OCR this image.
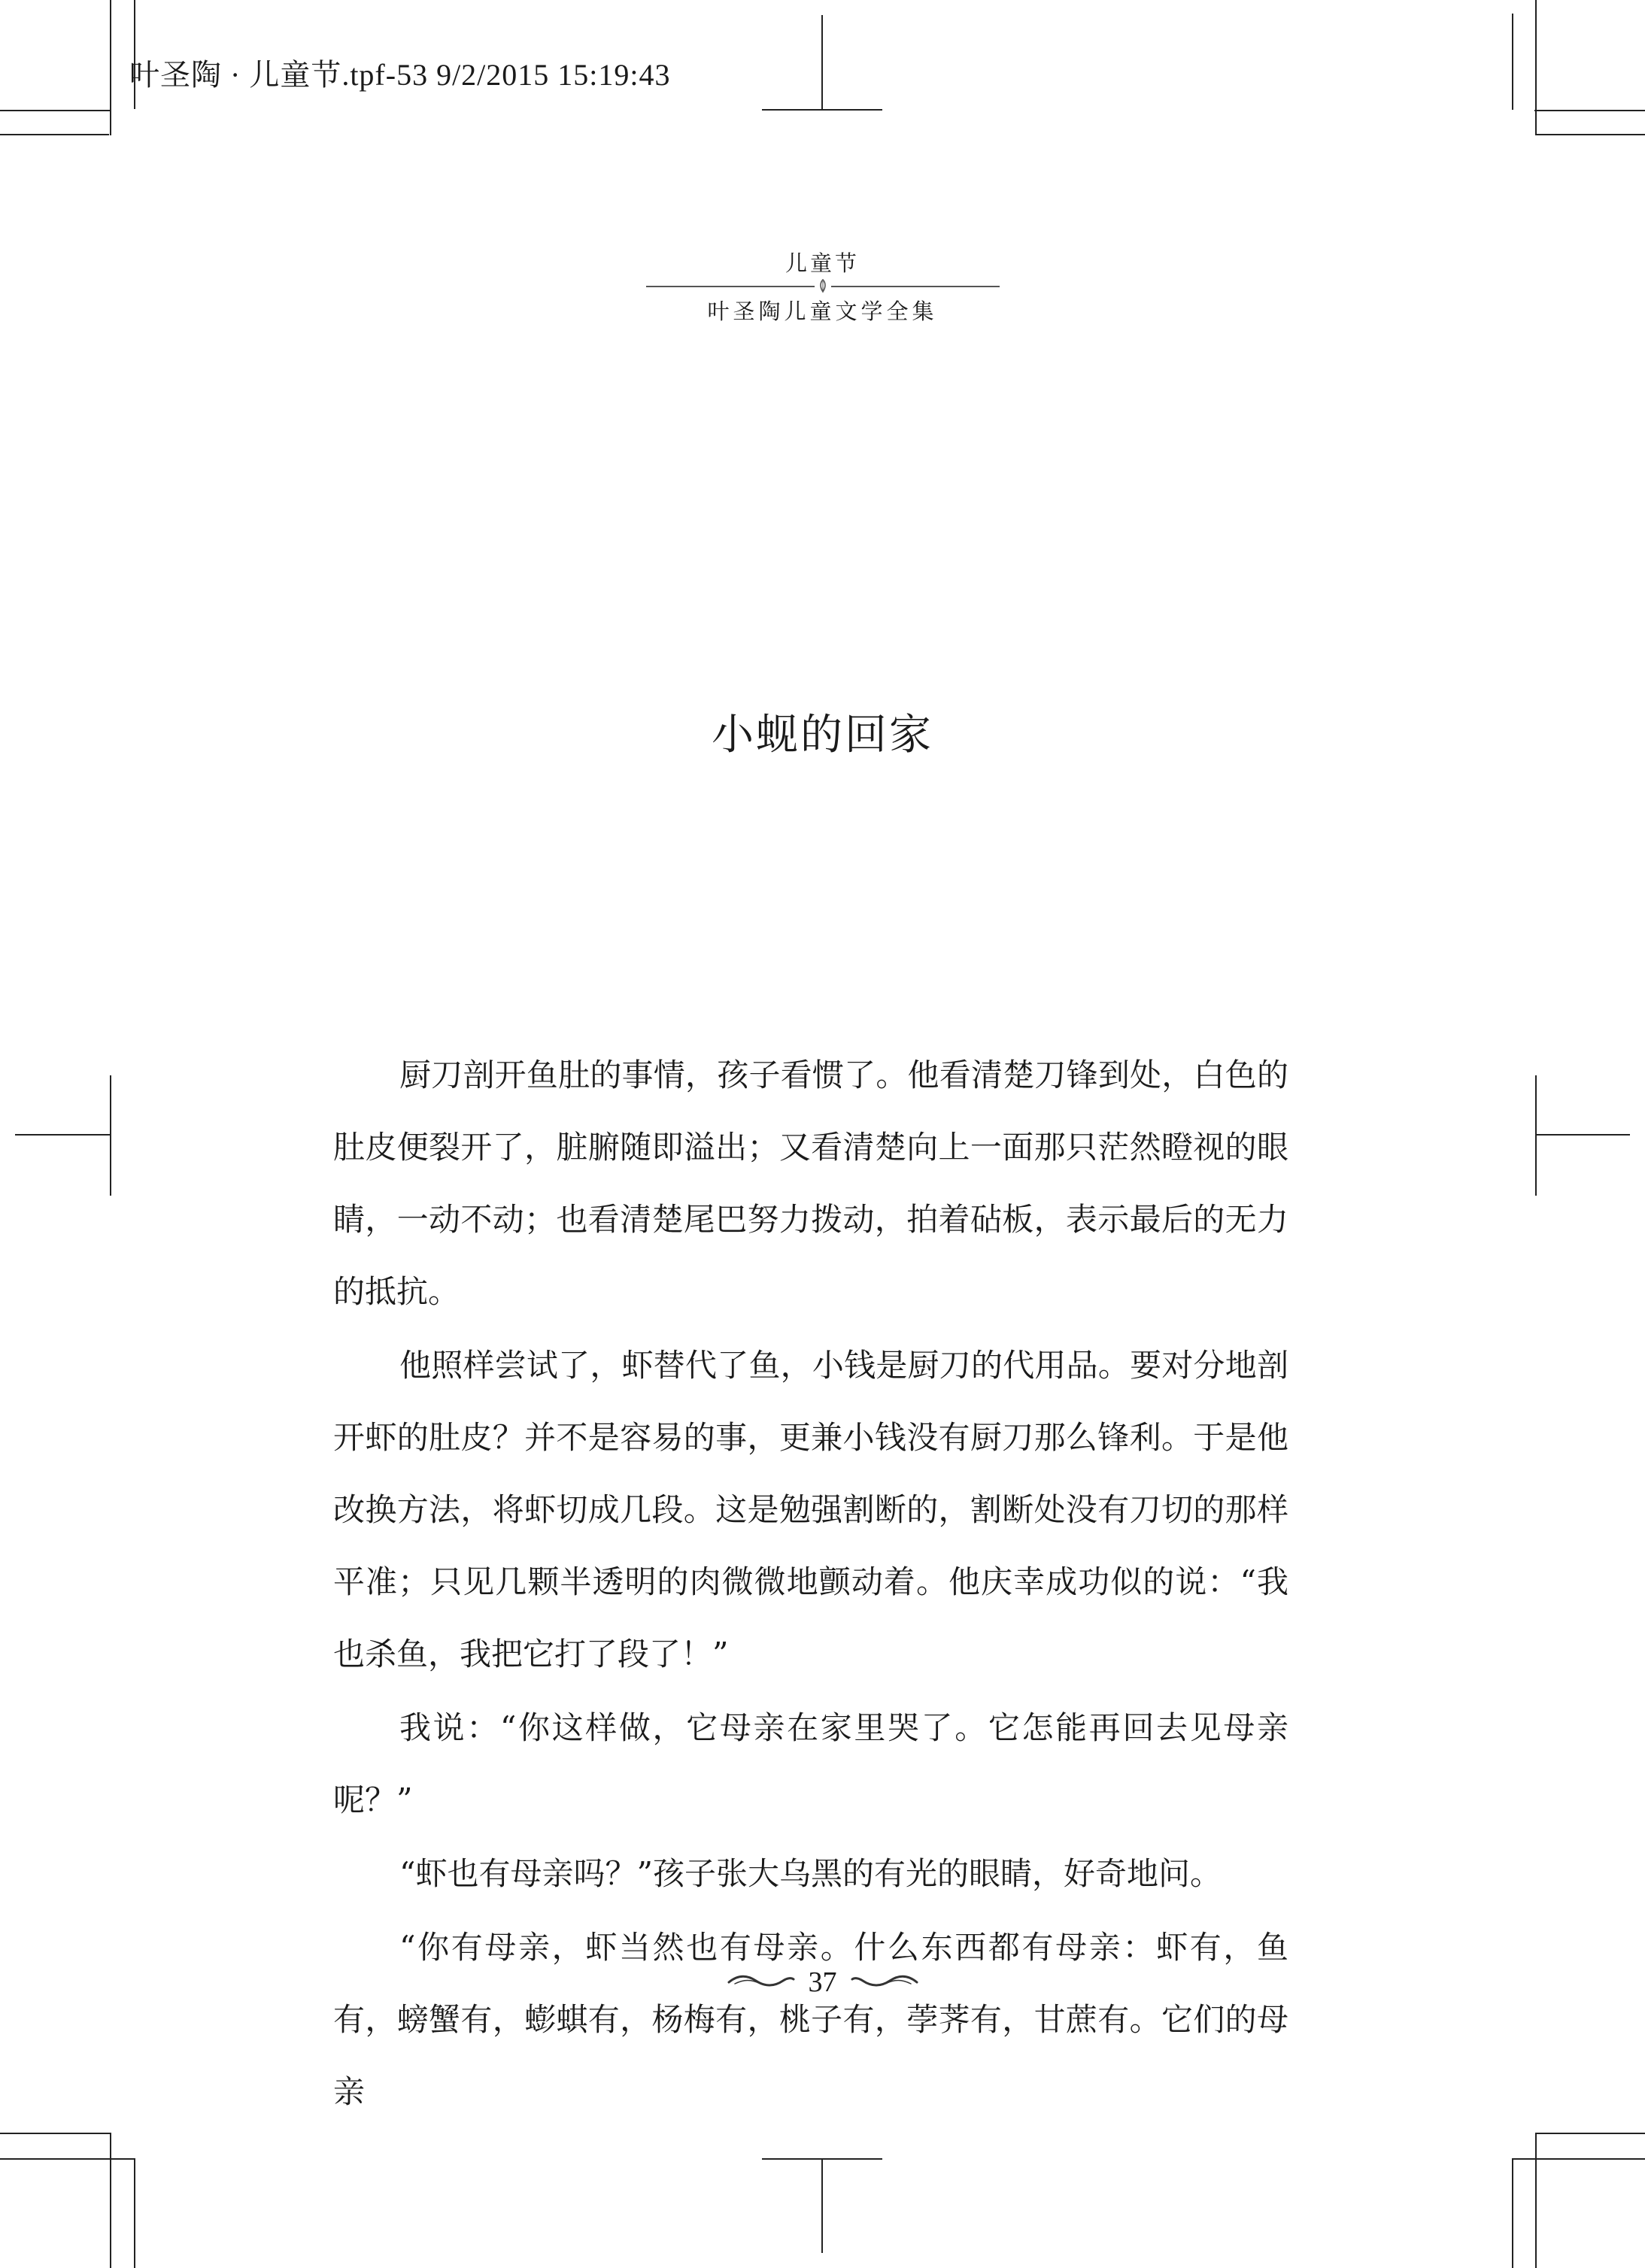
叶圣陶 · 儿童节.tpf-53 9/2/2015 15:19:43
儿童节
叶圣陶儿童文学全集
小蚬的回家

厨刀剖开鱼肚的事情，孩子看惯了。他看清楚刀锋到处，白色的肚皮便裂开了，脏腑随即溢出；又看清楚向上一面那只茫然瞪视的眼睛，一动不动；也看清楚尾巴努力拨动，拍着砧板，表示最后的无力的抵抗。

他照样尝试了，虾替代了鱼，小钱是厨刀的代用品。要对分地剖开虾的肚皮？并不是容易的事，更兼小钱没有厨刀那么锋利。于是他改换方法，将虾切成几段。这是勉强割断的，割断处没有刀切的那样平准；只见几颗半透明的肉微微地颤动着。他庆幸成功似的说：“我也杀鱼，我把它打了段了！”

我说：“你这样做，它母亲在家里哭了。它怎能再回去见母亲呢？”

“虾也有母亲吗？”孩子张大乌黑的有光的眼睛，好奇地问。

“你有母亲，虾当然也有母亲。什么东西都有母亲：虾有，鱼有，螃蟹有，蟛蜞有，杨梅有，桃子有，荸荠有，甘蔗有。它们的母亲

37
